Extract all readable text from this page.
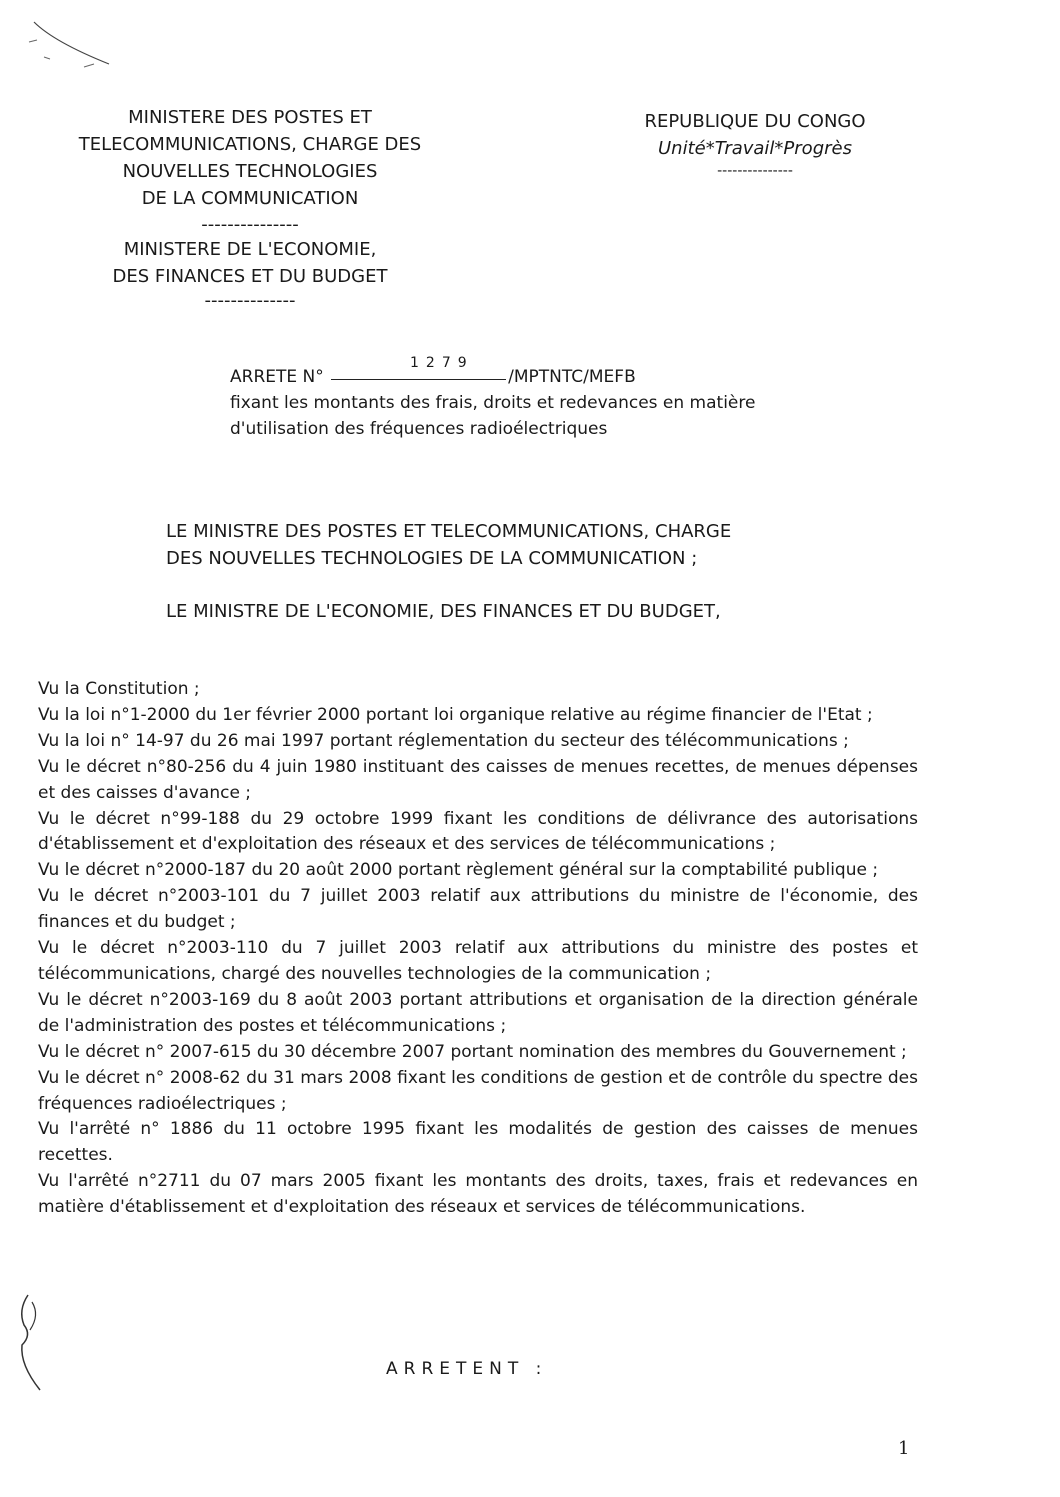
MINISTERE DES POSTES ET
TELECOMMUNICATIONS, CHARGE DES
NOUVELLES TECHNOLOGIES
DE LA COMMUNICATION
---------------
MINISTERE DE L'ECONOMIE,
DES FINANCES ET DU BUDGET
--------------
REPUBLIQUE DU CONGO
Unité*Travail*Progrès
---------------
ARRETE N°	/MPTNTC/MEFB
1279
fixant les montants des frais, droits et redevances en matière
d'utilisation des fréquences radioélectriques
LE MINISTRE DES POSTES ET TELECOMMUNICATIONS, CHARGE
DES NOUVELLES TECHNOLOGIES DE LA COMMUNICATION ;
LE MINISTRE DE L'ECONOMIE, DES FINANCES ET DU BUDGET,

Vu la Constitution ;

Vu la loi n°1-2000 du 1er février 2000 portant loi organique relative au régime financier de l'Etat ;

Vu la loi n° 14-97 du 26 mai 1997 portant réglementation du secteur des télécommunications ;

Vu le décret n°80-256 du 4 juin 1980 instituant des caisses de menues recettes, de menues dépenses et des caisses d'avance ;

Vu le décret n°99-188 du 29 octobre 1999 fixant les conditions de délivrance des autorisations d'établissement et d'exploitation des réseaux et des services de télécommunications ;

Vu le décret n°2000-187 du 20 août 2000 portant règlement général sur la comptabilité publique ;

Vu le décret n°2003-101 du 7 juillet 2003 relatif aux attributions du ministre de l'économie, des finances et du budget ;

Vu le décret n°2003-110 du 7 juillet 2003 relatif aux attributions du ministre des postes et télécommunications, chargé des nouvelles technologies de la communication ;

Vu le décret n°2003-169 du 8 août 2003 portant attributions et organisation de la direction générale de l'administration des postes et télécommunications ;

Vu le décret n° 2007-615 du 30 décembre 2007 portant nomination des membres du Gouvernement ;

Vu le décret n° 2008-62 du 31 mars 2008 fixant les conditions de gestion et de contrôle du spectre des fréquences radioélectriques ;

Vu l'arrêté n° 1886 du 11 octobre 1995 fixant les modalités de gestion des caisses de menues recettes.

Vu l'arrêté n°2711 du 07 mars 2005 fixant les montants des droits, taxes, frais et redevances en matière d'établissement et d'exploitation des réseaux et services de télécommunications.

ARRETENT :
1
